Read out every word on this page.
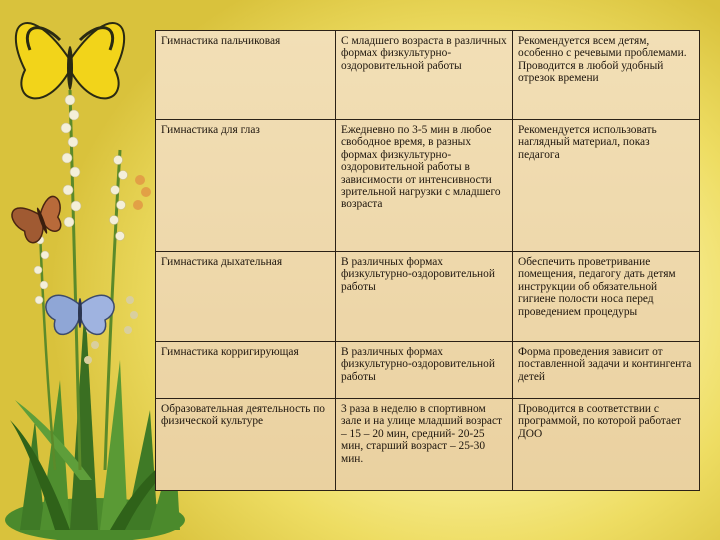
Гимнастика пальчиковая	С младшего возраста в различных формах физкультурно-оздоровительной работы	Рекомендуется всем детям, особенно с речевыми проблемами. Проводится в любой удобный отрезок времени
Гимнастика для глаз	Ежедневно по 3-5 мин в любое свободное время, в разных формах физкультурно-оздоровительной работы в зависимости от интенсивности зрительной нагрузки с младшего возраста	Рекомендуется использовать наглядный материал, показ педагога
Гимнастика дыхательная	В различных формах физкультурно-оздоровительной работы	Обеспечить проветривание помещения, педагогу дать детям инструкции об обязательной гигиене полости носа перед проведением процедуры
Гимнастика корригирующая	В различных формах физкультурно-оздоровительной работы	Форма проведения зависит от поставленной задачи и контингента детей
Образовательная деятельность по физической культуре	3 раза в неделю в спортивном зале и на улице младший возраст – 15 – 20 мин, средний- 20-25 мин, старший возраст – 25-30 мин.	Проводится в соответствии с программой, по которой работает ДОО
